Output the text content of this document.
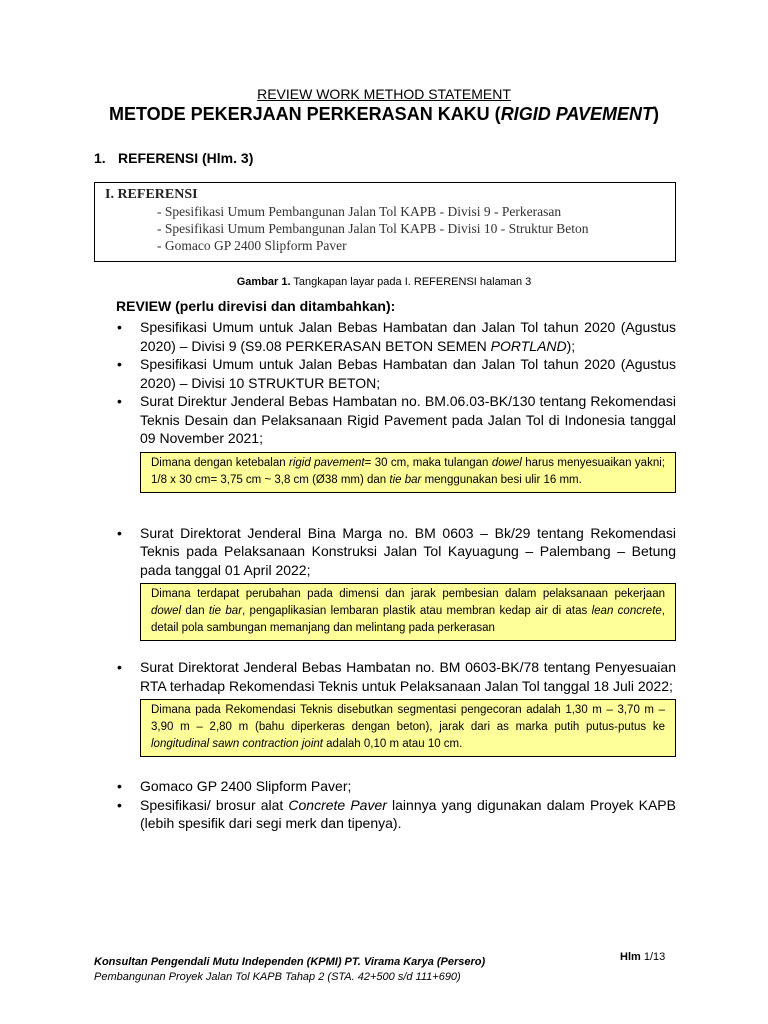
REVIEW WORK METHOD STATEMENT
METODE PEKERJAAN PERKERASAN KAKU (RIGID PAVEMENT)
1. REFERENSI (Hlm. 3)
I. REFERENSI
- Spesifikasi Umum Pembangunan Jalan Tol KAPB - Divisi 9 - Perkerasan
- Spesifikasi Umum Pembangunan Jalan Tol KAPB - Divisi 10 - Struktur Beton
- Gomaco GP 2400 Slipform Paver
Gambar 1. Tangkapan layar pada I. REFERENSI halaman 3
REVIEW (perlu direvisi dan ditambahkan):
• Spesifikasi Umum untuk Jalan Bebas Hambatan dan Jalan Tol tahun 2020 (Agustus 2020) – Divisi 9 (S9.08 PERKERASAN BETON SEMEN PORTLAND);
• Spesifikasi Umum untuk Jalan Bebas Hambatan dan Jalan Tol tahun 2020 (Agustus 2020) – Divisi 10 STRUKTUR BETON;
• Surat Direktur Jenderal Bebas Hambatan no. BM.06.03-BK/130 tentang Rekomendasi Teknis Desain dan Pelaksanaan Rigid Pavement pada Jalan Tol di Indonesia tanggal 09 November 2021;
Dimana dengan ketebalan rigid pavement= 30 cm, maka tulangan dowel harus menyesuaikan yakni; 1/8 x 30 cm= 3,75 cm ~ 3,8 cm (Ø38 mm) dan tie bar menggunakan besi ulir 16 mm.
• Surat Direktorat Jenderal Bina Marga no. BM 0603 – Bk/29 tentang Rekomendasi Teknis pada Pelaksanaan Konstruksi Jalan Tol Kayuagung – Palembang – Betung pada tanggal 01 April 2022;
Dimana terdapat perubahan pada dimensi dan jarak pembesian dalam pelaksanaan pekerjaan dowel dan tie bar, pengaplikasian lembaran plastik atau membran kedap air di atas lean concrete, detail pola sambungan memanjang dan melintang pada perkerasan
• Surat Direktorat Jenderal Bebas Hambatan no. BM 0603-BK/78 tentang Penyesuaian RTA terhadap Rekomendasi Teknis untuk Pelaksanaan Jalan Tol tanggal 18 Juli 2022;
Dimana pada Rekomendasi Teknis disebutkan segmentasi pengecoran adalah 1,30 m – 3,70 m – 3,90 m – 2,80 m (bahu diperkeras dengan beton), jarak dari as marka putih putus-putus ke longitudinal sawn contraction joint adalah 0,10 m atau 10 cm.
• Gomaco GP 2400 Slipform Paver;
• Spesifikasi/ brosur alat Concrete Paver lainnya yang digunakan dalam Proyek KAPB (lebih spesifik dari segi merk dan tipenya).
Konsultan Pengendali Mutu Independen (KPMI) PT. Virama Karya (Persero)
Pembangunan Proyek Jalan Tol KAPB Tahap 2 (STA. 42+500 s/d 111+690)
Hlm 1/13
